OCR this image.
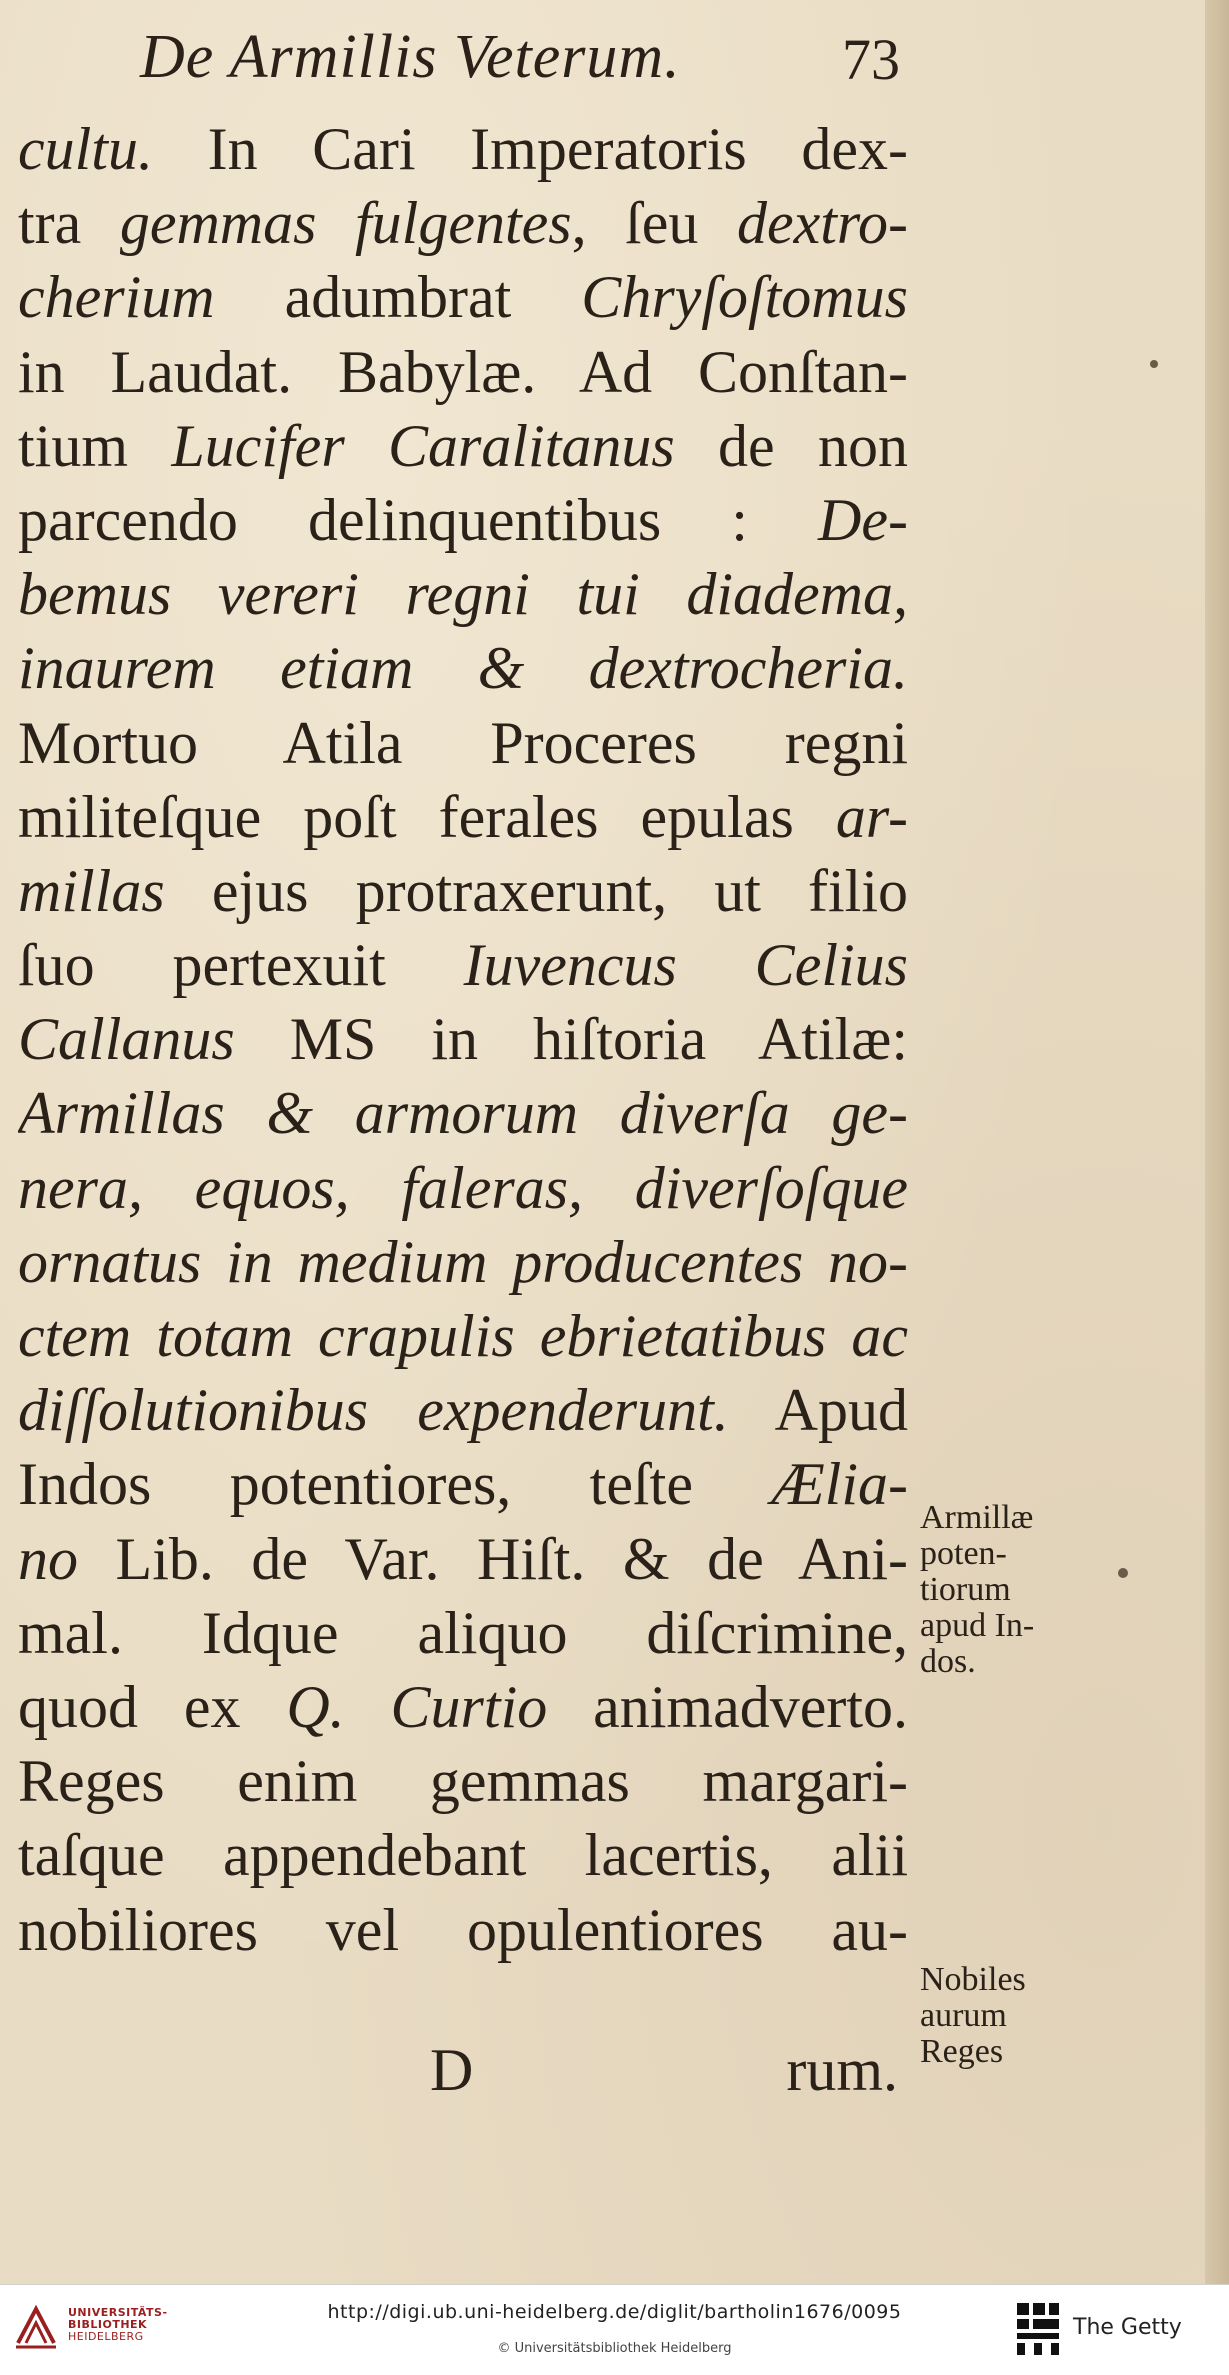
De Armillis Veterum.	73
cultu. In Cari Imperatoris dex-
tra gemmas fulgentes, ſeu dextro-
cherium adumbrat Chryſoſtomus
in Laudat. Babylæ. Ad Conſtan-
tium Lucifer Caralitanus de non
parcendo delinquentibus : De-
bemus vereri regni tui diadema,
inaurem etiam & dextrocheria.
Mortuo Atila Proceres regni
militeſque poſt ferales epulas ar-
millas ejus protraxerunt, ut filio
ſuo pertexuit Iuvencus Celius
Callanus MS in hiſtoria Atilæ:
Armillas & armorum diverſa ge-
nera, equos, faleras, diverſoſque
ornatus in medium producentes no-
ctem totam crapulis ebrietatibus ac
diſſolutionibus expenderunt. Apud
Indos potentiores, teſte Ælia-
no Lib. de Var. Hiſt. & de Ani-
mal. Idque aliquo diſcrimine,
quod ex Q. Curtio animadverto.
Reges enim gemmas margari-
taſque appendebant lacertis, alii
nobiliores vel opulentiores au-
Armillæ
poten-
tiorum
apud In-
dos.
Nobiles
aurum
Reges
D	rum.
UNIVERSITÄTS-
BIBLIOTHEK
HEIDELBERG
http://digi.ub.uni-heidelberg.de/diglit/bartholin1676/0095
© Universitätsbibliothek Heidelberg
The Getty
